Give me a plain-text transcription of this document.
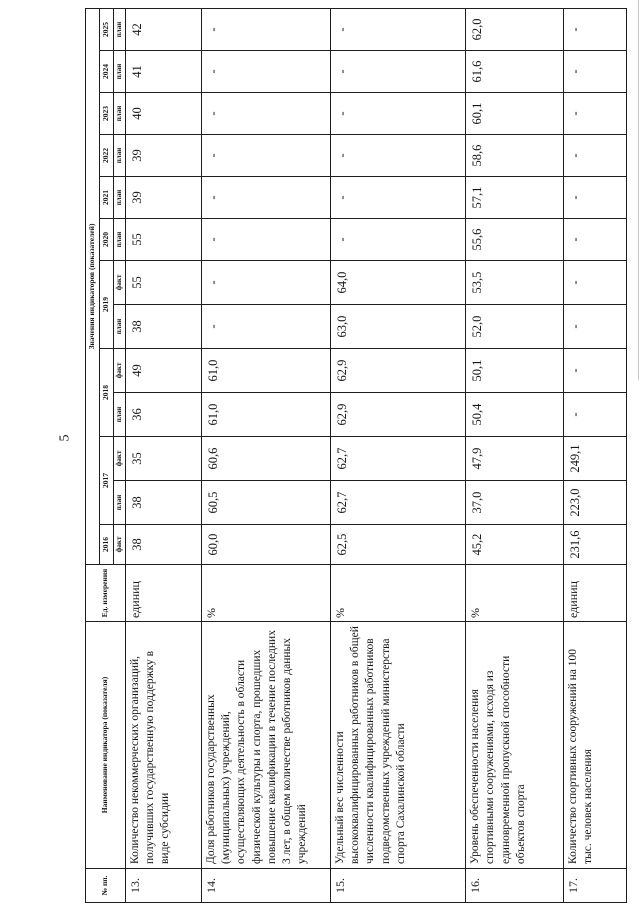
5
№ пп.	Наименование индикатора (показателя)	Ед. измерения	Значения индикаторов (показателей)												
			2016	2017		2018		2019		2020	2021	2022	2023	2024	2025
			факт	план	факт	план	факт	план	факт	план	план	план	план	план	план
13.	Количество некоммерческих организаций, получивших государственную поддержку в виде субсидии	единиц	38	38	35	36	49	38	55	55	39	39	40	41	42
14.	Доля работников государственных (муниципальных) учреждений, осуществляющих деятельность в области физической культуры и спорта, прошедших повышение квалификации в течение последних 3 лет, в общем количестве работников данных учреждений	%	60,0	60,5	60,6	61,0	61,0	-	-	-	-	-	-	-	-
15.	Удельный вес численности высококвалифицированных работников в общей численности квалифицированных работников подведомственных учреждений министерства спорта Сахалинской области	%	62,5	62,7	62,7	62,9	62,9	63,0	64,0	-	-	-	-	-	-
16.	Уровень обеспеченности населения спортивными сооружениями, исходя из единовременной пропускной способности объектов спорта	%	45,2	37,0	47,9	50,4	50,1	52,0	53,5	55,6	57,1	58,6	60,1	61,6	62,0
17.	Количество спортивных сооружений на 100 тыс. человек населения	единиц	231,6	223,0	249,1	-	-	-	-	-	-	-	-	-	-
